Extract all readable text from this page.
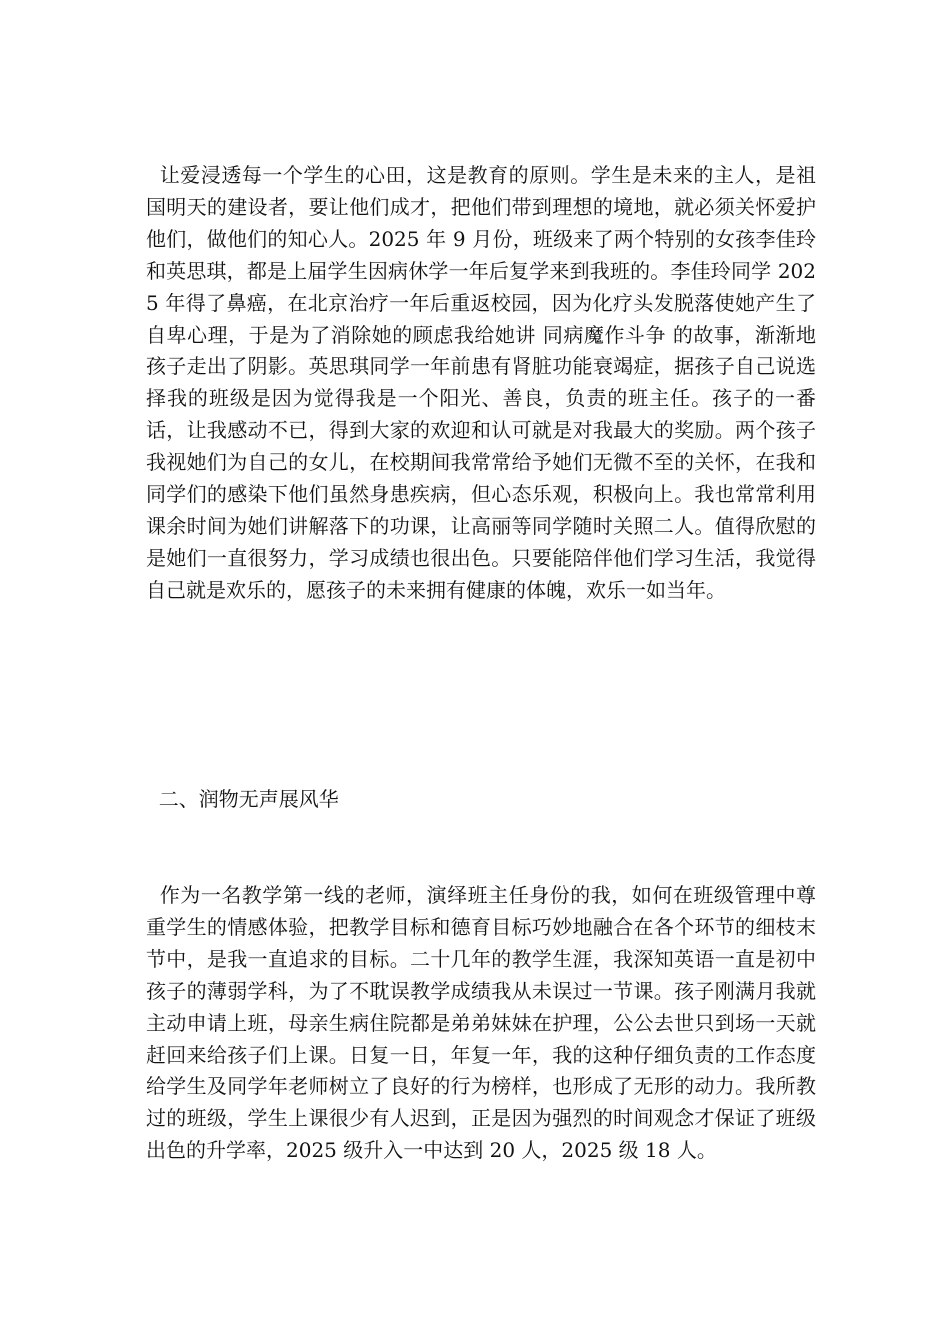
让爱浸透每一个学生的心田，这是教育的原则。学生是未来的主人，是祖国明天的建设者，要让他们成才，把他们带到理想的境地，就必须关怀爱护他们，做他们的知心人。2025 年 9 月份，班级来了两个特别的女孩李佳玲和英思琪，都是上届学生因病休学一年后复学来到我班的。李佳玲同学 2025 年得了鼻癌，在北京治疗一年后重返校园，因为化疗头发脱落使她产生了自卑心理，于是为了消除她的顾虑我给她讲 同病魔作斗争 的故事，渐渐地孩子走出了阴影。英思琪同学一年前患有肾脏功能衰竭症，据孩子自己说选择我的班级是因为觉得我是一个阳光、善良，负责的班主任。孩子的一番话，让我感动不已，得到大家的欢迎和认可就是对我最大的奖励。两个孩子我视她们为自己的女儿，在校期间我常常给予她们无微不至的关怀，在我和同学们的感染下他们虽然身患疾病，但心态乐观，积极向上。我也常常利用课余时间为她们讲解落下的功课，让高丽等同学随时关照二人。值得欣慰的是她们一直很努力，学习成绩也很出色。只要能陪伴他们学习生活，我觉得自己就是欢乐的，愿孩子的未来拥有健康的体魄，欢乐一如当年。

二、润物无声展风华

作为一名教学第一线的老师，演绎班主任身份的我，如何在班级管理中尊重学生的情感体验，把教学目标和德育目标巧妙地融合在各个环节的细枝末节中，是我一直追求的目标。二十几年的教学生涯，我深知英语一直是初中孩子的薄弱学科，为了不耽误教学成绩我从未误过一节课。孩子刚满月我就主动申请上班，母亲生病住院都是弟弟妹妹在护理，公公去世只到场一天就赶回来给孩子们上课。日复一日，年复一年，我的这种仔细负责的工作态度给学生及同学年老师树立了良好的行为榜样，也形成了无形的动力。我所教过的班级，学生上课很少有人迟到，正是因为强烈的时间观念才保证了班级出色的升学率，2025 级升入一中达到 20 人，2025 级 18 人。
